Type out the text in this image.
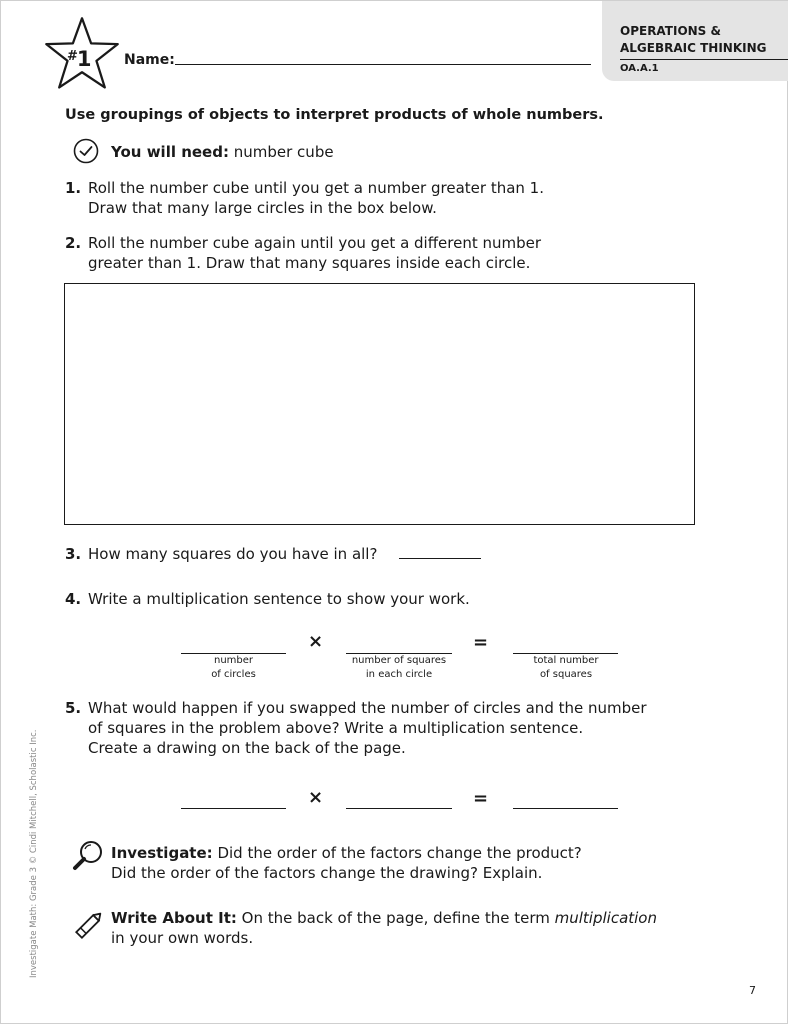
#1 Name:
OPERATIONS & ALGEBRAIC THINKING
OA.A.1
Use groupings of objects to interpret products of whole numbers.
You will need: number cube
1. Roll the number cube until you get a number greater than 1.
Draw that many large circles in the box below.
2. Roll the number cube again until you get a different number
greater than 1. Draw that many squares inside each circle.
3. How many squares do you have in all?
4. Write a multiplication sentence to show your work.
×	=
number
of circles
number of squares
in each circle
total number
of squares
5. What would happen if you swapped the number of circles and the number
of squares in the problem above? Write a multiplication sentence.
Create a drawing on the back of the page.
×	=
Investigate: Did the order of the factors change the product?
Did the order of the factors change the drawing? Explain.
Write About It: On the back of the page, define the term multiplication
in your own words.
Investigate Math: Grade 3 © Cindi Mitchell, Scholastic Inc.
7
